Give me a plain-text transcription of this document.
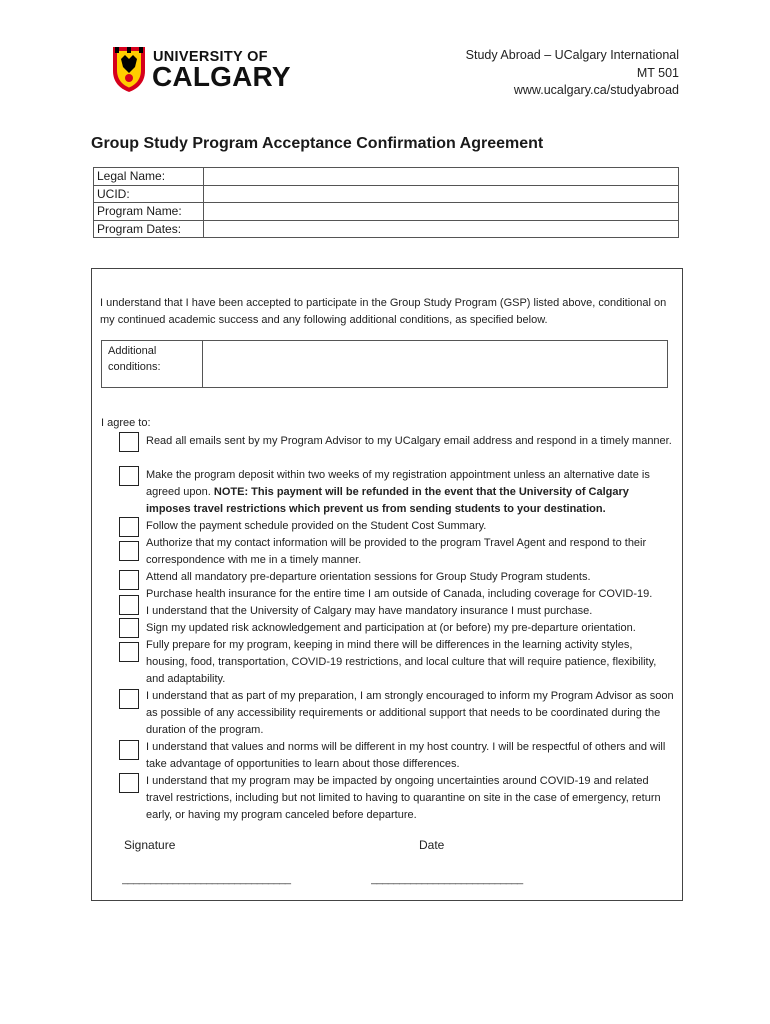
UNIVERSITY OF
CALGARY
Study Abroad – UCalgary International
MT 501
www.ucalgary.ca/studyabroad
Group Study Program Acceptance Confirmation Agreement
Legal Name:	
UCID:	
Program Name:	
Program Dates:	
I understand that I have been accepted to participate in the Group Study Program (GSP) listed above, conditional on my continued academic success and any following additional conditions, as specified below.
Additional conditions:
I agree to:
Read all emails sent by my Program Advisor to my UCalgary email address and respond in a timely manner.
Make the program deposit within two weeks of my registration appointment unless an alternative date is agreed upon. NOTE: This payment will be refunded in the event that the University of Calgary imposes travel restrictions which prevent us from sending students to your destination.
Follow the payment schedule provided on the Student Cost Summary.
Authorize that my contact information will be provided to the program Travel Agent and respond to their correspondence with me in a timely manner.
Attend all mandatory pre-departure orientation sessions for Group Study Program students.
Purchase health insurance for the entire time I am outside of Canada, including coverage for COVID-19.
I understand that the University of Calgary may have mandatory insurance I must purchase.
Sign my updated risk acknowledgement and participation at (or before) my pre-departure orientation.
Fully prepare for my program, keeping in mind there will be differences in the learning activity styles, housing, food, transportation, COVID-19 restrictions, and local culture that will require patience, flexibility, and adaptability.
I understand that as part of my preparation, I am strongly encouraged to inform my Program Advisor as soon as possible of any accessibility requirements or additional support that needs to be coordinated during the duration of the program.
I understand that values and norms will be different in my host country. I will be respectful of others and will take advantage of opportunities to learn about those differences.
I understand that my program may be impacted by ongoing uncertainties around COVID-19 and related travel restrictions, including but not limited to having to quarantine on site in the case of emergency, return early, or having my program canceled before departure.
Signature	Date
______________________________	___________________________
